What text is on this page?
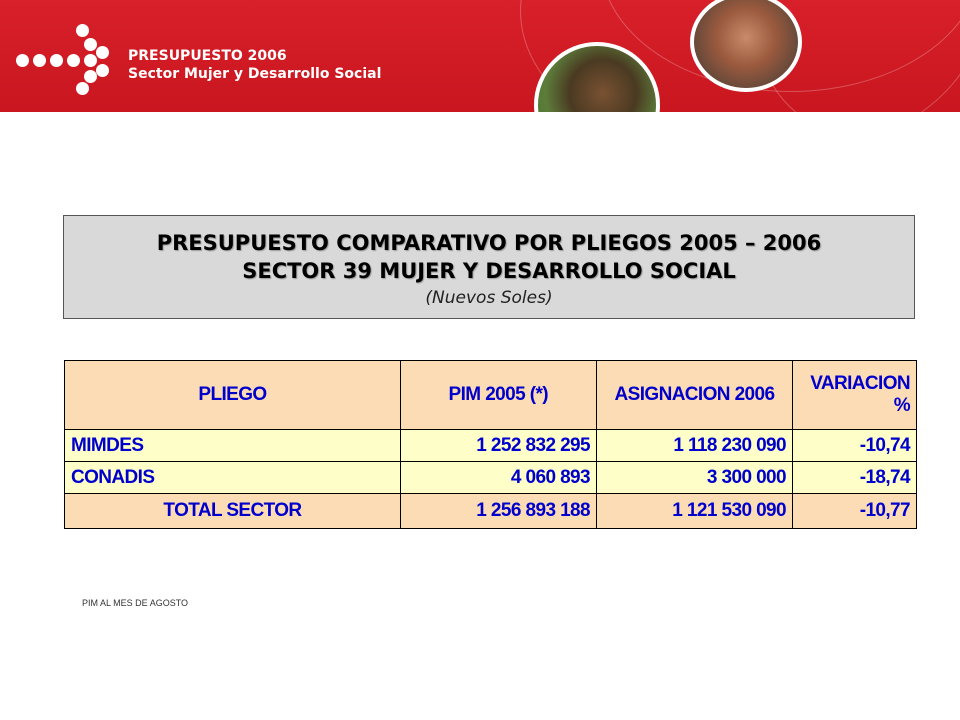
PRESUPUESTO 2006
Sector Mujer y Desarrollo Social
PRESUPUESTO COMPARATIVO POR PLIEGOS 2005 – 2006
SECTOR 39 MUJER Y DESARROLLO SOCIAL
(Nuevos Soles)
PLIEGO	PIM 2005 (*)	ASIGNACION 2006	VARIACION %
MIMDES	1 252 832 295	1 118 230 090	-10,74
CONADIS	4 060 893	3 300 000	-18,74
TOTAL SECTOR	1 256 893 188	1 121 530 090	-10,77
PIM AL MES DE AGOSTO
